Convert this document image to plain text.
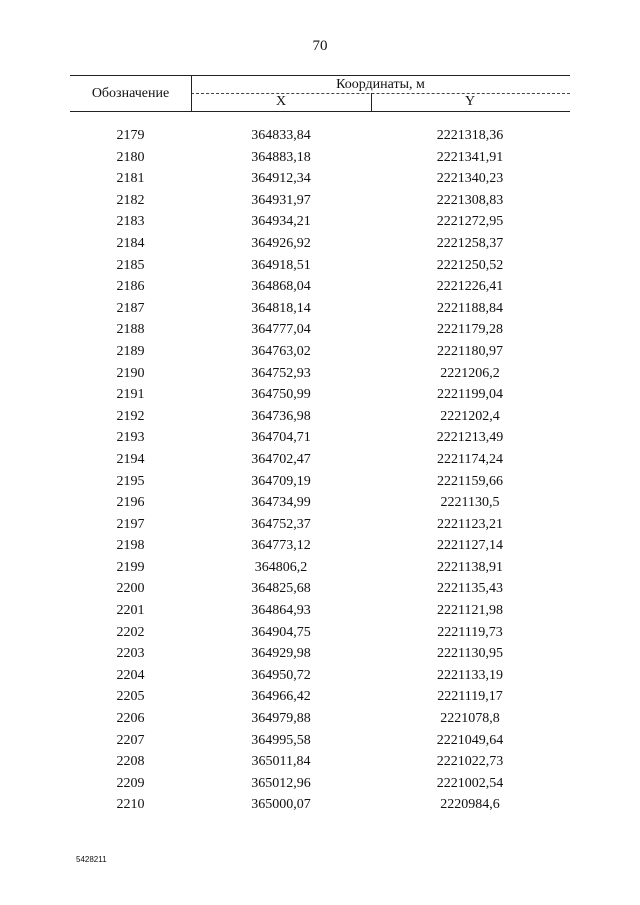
70
Обозначение
Координаты, м
X	Y
2179	364833,84	2221318,36
2180	364883,18	2221341,91
2181	364912,34	2221340,23
2182	364931,97	2221308,83
2183	364934,21	2221272,95
2184	364926,92	2221258,37
2185	364918,51	2221250,52
2186	364868,04	2221226,41
2187	364818,14	2221188,84
2188	364777,04	2221179,28
2189	364763,02	2221180,97
2190	364752,93	2221206,2
2191	364750,99	2221199,04
2192	364736,98	2221202,4
2193	364704,71	2221213,49
2194	364702,47	2221174,24
2195	364709,19	2221159,66
2196	364734,99	2221130,5
2197	364752,37	2221123,21
2198	364773,12	2221127,14
2199	364806,2	2221138,91
2200	364825,68	2221135,43
2201	364864,93	2221121,98
2202	364904,75	2221119,73
2203	364929,98	2221130,95
2204	364950,72	2221133,19
2205	364966,42	2221119,17
2206	364979,88	2221078,8
2207	364995,58	2221049,64
2208	365011,84	2221022,73
2209	365012,96	2221002,54
2210	365000,07	2220984,6
5428211
